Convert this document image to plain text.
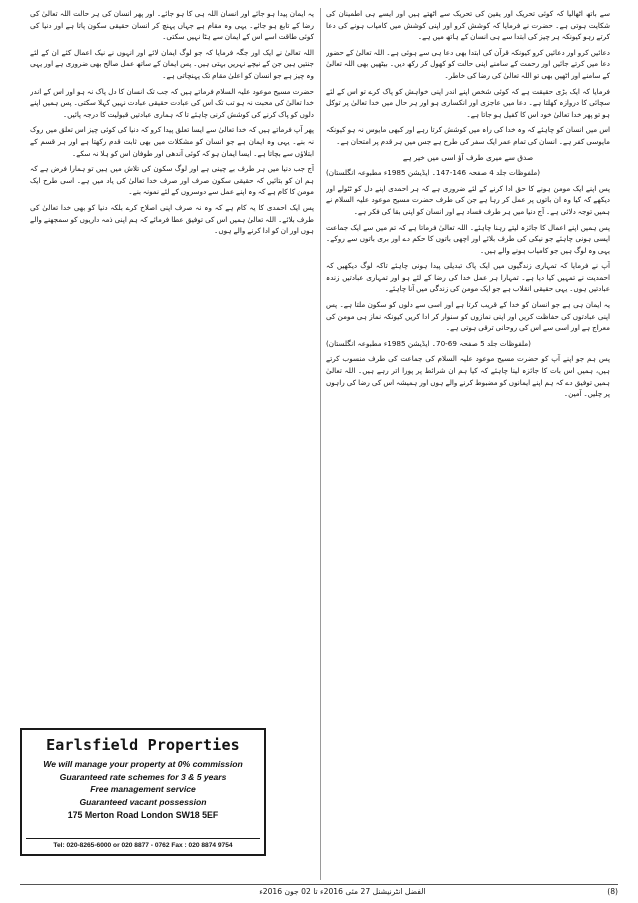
سے باتھ اٹھالیا کہ کوئی تحریک اور یقین کی تحریک سے اٹھتے ہیں اور ایسے ہی اطمینان کی شکایت ہوتی ہے۔ حضرت نے فرمایا کہ کوشش کرو اور اپنی کوشش میں کامیاب ہونے کی دعا کرتے رہو کیونکہ ہر چیز کی ابتدا سے ہی انسان کے ہاتھ میں ہے۔

دعائیں کرو اور دعائیں کرو کیونکہ قرآن کی ابتدا بھی دعا ہی سے ہوئی ہے۔ اللہ تعالیٰ کے حضور دعا میں کرتے جائیں اور رحمت کے سامنے اپنی حالت کو کھول کر رکھ دیں۔ بیٹھیں بھی اللہ تعالیٰ کے سامنے اور اٹھیں بھی تو اللہ تعالیٰ کی رضا کی خاطر۔

فرمایا کہ ایک بڑی حقیقت ہے کہ کوئی شخص اپنے اندر اپنی خواہش کو پاک کرے تو اس کے لئے سچائی کا دروازہ کھلتا ہے۔ دعا میں عاجزی اور انکساری ہو اور ہر حال میں خدا تعالیٰ پر توکل ہو تو پھر خدا تعالیٰ خود اس کا کفیل ہو جاتا ہے۔

اس میں انسان کو چاہئے کہ وہ خدا کی راہ میں کوشش کرتا رہے اور کبھی مایوس نہ ہو کیونکہ مایوسی کفر ہے۔ انسان کی تمام عمر ایک سفر کی طرح ہے جس میں ہر قدم پر امتحان ہے۔

صدق سے میری طرف آؤ اسی میں خیر ہے
(ملفوظات جلد 4 صفحہ 146-147۔ ایڈیشن 1985ء مطبوعہ انگلستان)

پس اپنے ایک مومن ہونے کا حق ادا کرنے کے لئے ضروری ہے کہ ہر احمدی اپنے دل کو ٹٹولے اور دیکھے کہ کیا وہ ان باتوں پر عمل کر رہا ہے جن کی طرف حضرت مسیح موعود علیہ السلام نے ہمیں توجہ دلائی ہے۔ آج دنیا میں ہر طرف فساد ہے اور انسان کو اپنی بقا کی فکر ہے۔

پس ہمیں اپنے اعمال کا جائزہ لیتے رہنا چاہئے۔ اللہ تعالیٰ فرماتا ہے کہ تم میں سے ایک جماعت ایسی ہونی چاہئے جو نیکی کی طرف بلائے اور اچھی باتوں کا حکم دے اور بری باتوں سے روکے۔ یہی وہ لوگ ہیں جو کامیاب ہونے والے ہیں۔

آپ نے فرمایا کہ تمہاری زندگیوں میں ایک پاک تبدیلی پیدا ہونی چاہئے تاکہ لوگ دیکھیں کہ احمدیت نے تمہیں کیا دیا ہے۔ تمہارا ہر عمل خدا کی رضا کے لئے ہو اور تمہاری عبادتیں زندہ عبادتیں ہوں۔ یہی حقیقی انقلاب ہے جو ایک مومن کی زندگی میں آنا چاہئے۔

یہ ایمان ہی ہے جو انسان کو خدا کے قریب کرتا ہے اور اسی سے دلوں کو سکون ملتا ہے۔ پس اپنی عبادتوں کی حفاظت کریں اور اپنی نمازوں کو سنوار کر ادا کریں کیونکہ نماز ہی مومن کی معراج ہے اور اسی سے اس کی روحانی ترقی ہوتی ہے۔

(ملفوظات جلد 5 صفحہ 69-70۔ ایڈیشن 1985ء مطبوعہ انگلستان)

پس ہم جو اپنے آپ کو حضرت مسیح موعود علیہ السلام کی جماعت کی طرف منسوب کرتے ہیں، ہمیں اس بات کا جائزہ لینا چاہئے کہ کیا ہم ان شرائط پر پورا اتر رہے ہیں۔ اللہ تعالیٰ ہمیں توفیق دے کہ ہم اپنے ایمانوں کو مضبوط کرنے والے ہوں اور ہمیشہ اس کی رضا کی راہوں پر چلیں۔ آمین۔

یہ ایمان پیدا ہو جائے اور انسان اللہ ہی کا ہو جائے۔ اور پھر انسان کی ہر حالت اللہ تعالیٰ کی رضا کے تابع ہو جائے۔ یہی وہ مقام ہے جہاں پہنچ کر انسان حقیقی سکون پاتا ہے اور دنیا کی کوئی طاقت اسے اس کے ایمان سے ہٹا نہیں سکتی۔

اللہ تعالیٰ نے ایک اور جگہ فرمایا کہ جو لوگ ایمان لائے اور انہوں نے نیک اعمال کئے ان کے لئے جنتیں ہیں جن کے نیچے نہریں بہتی ہیں۔ پس ایمان کے ساتھ عمل صالح بھی ضروری ہے اور یہی وہ چیز ہے جو انسان کو اعلیٰ مقام تک پہنچاتی ہے۔

حضرت مسیح موعود علیہ السلام فرماتے ہیں کہ جب تک انسان کا دل پاک نہ ہو اور اس کے اندر خدا تعالیٰ کی محبت نہ ہو تب تک اس کی عبادت حقیقی عبادت نہیں کہلا سکتی۔ پس ہمیں اپنے دلوں کو پاک کرنے کی کوشش کرنی چاہئے تا کہ ہماری عبادتیں قبولیت کا درجہ پائیں۔

پھر آپ فرماتے ہیں کہ خدا تعالیٰ سے ایسا تعلق پیدا کرو کہ دنیا کی کوئی چیز اس تعلق میں روک نہ بنے۔ یہی وہ ایمان ہے جو انسان کو مشکلات میں بھی ثابت قدم رکھتا ہے اور ہر قسم کے ابتلاؤں سے بچاتا ہے۔ ایسا ایمان ہو کہ کوئی آندھی اور طوفان اس کو ہلا نہ سکے۔

آج جب دنیا میں ہر طرف بے چینی ہے اور لوگ سکون کی تلاش میں ہیں تو ہمارا فرض ہے کہ ہم ان کو بتائیں کہ حقیقی سکون صرف اور صرف خدا تعالیٰ کی یاد میں ہے۔ اسی طرح ایک مومن کا کام ہے کہ وہ اپنے عمل سے دوسروں کے لئے نمونہ بنے۔

پس ایک احمدی کا یہ کام ہے کہ وہ نہ صرف اپنی اصلاح کرے بلکہ دنیا کو بھی خدا تعالیٰ کی طرف بلائے۔ اللہ تعالیٰ ہمیں اس کی توفیق عطا فرمائے کہ ہم اپنی ذمہ داریوں کو سمجھنے والے ہوں اور ان کو ادا کرنے والے ہوں۔

Earlsfield Properties
We will manage your property at 0% commission
Guaranteed rate schemes for 3 & 5 years
Free management service
Guaranteed vacant possession
175 Merton Road London SW18 5EF
Tel: 020-8265-6000 or 020 8877 - 0762 Fax : 020 8874 9754
(8)
الفضل انٹرنیشنل 27 مئی 2016ء تا 02 جون 2016ء
